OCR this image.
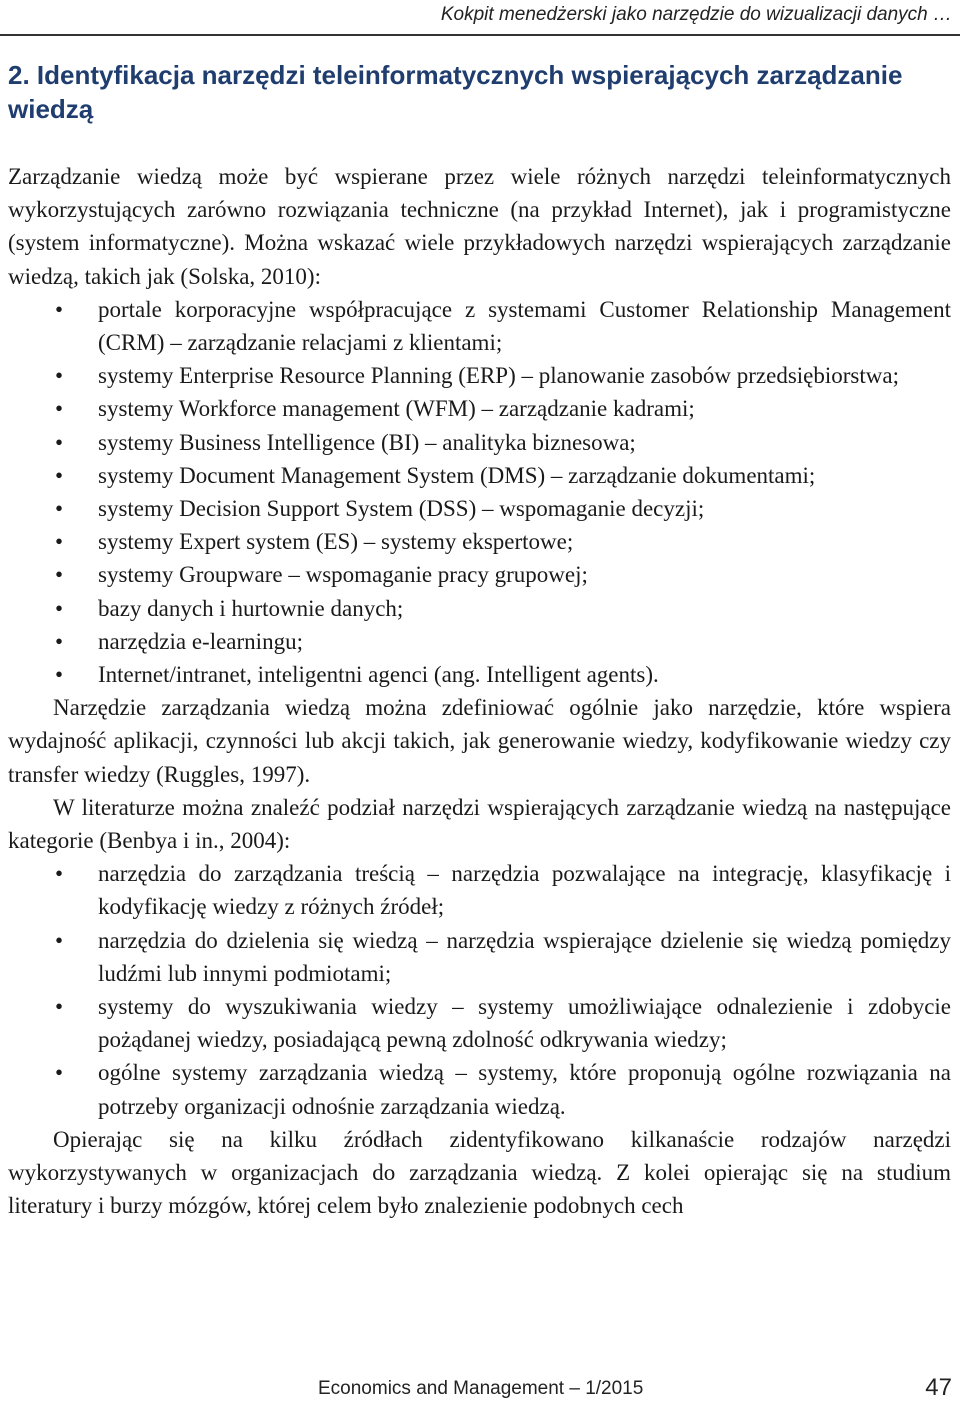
Kokpit menedżerski jako narzędzie do wizualizacji danych …
2. Identyfikacja narzędzi teleinformatycznych wspierających zarządzanie wiedzą

Zarządzanie wiedzą może być wspierane przez wiele różnych narzędzi teleinformatycznych wykorzystujących zarówno rozwiązania techniczne (na przykład Internet), jak i programistyczne (system informatyczne). Można wskazać wiele przykładowych narzędzi wspierających zarządzanie wiedzą, takich jak (Solska, 2010):

• portale korporacyjne współpracujące z systemami Customer Relationship Management (CRM) – zarządzanie relacjami z klientami;
• systemy Enterprise Resource Planning (ERP) – planowanie zasobów przedsiębiorstwa;
• systemy Workforce management (WFM) – zarządzanie kadrami;
• systemy Business Intelligence (BI) – analityka biznesowa;
• systemy Document Management System (DMS) – zarządzanie dokumentami;
• systemy Decision Support System (DSS) – wspomaganie decyzji;
• systemy Expert system (ES) – systemy ekspertowe;
• systemy Groupware – wspomaganie pracy grupowej;
• bazy danych i hurtownie danych;
• narzędzia e-learningu;
• Internet/intranet, inteligentni agenci (ang. Intelligent agents).

Narzędzie zarządzania wiedzą można zdefiniować ogólnie jako narzędzie, które wspiera wydajność aplikacji, czynności lub akcji takich, jak generowanie wiedzy, kodyfikowanie wiedzy czy transfer wiedzy (Ruggles, 1997).

W literaturze można znaleźć podział narzędzi wspierających zarządzanie wiedzą na następujące kategorie (Benbya i in., 2004):

• narzędzia do zarządzania treścią – narzędzia pozwalające na integrację, klasyfikację i kodyfikację wiedzy z różnych źródeł;
• narzędzia do dzielenia się wiedzą – narzędzia wspierające dzielenie się wiedzą pomiędzy ludźmi lub innymi podmiotami;
• systemy do wyszukiwania wiedzy – systemy umożliwiające odnalezienie i zdobycie pożądanej wiedzy, posiadającą pewną zdolność odkrywania wiedzy;
• ogólne systemy zarządzania wiedzą – systemy, które proponują ogólne rozwiązania na potrzeby organizacji odnośnie zarządzania wiedzą.

Opierając się na kilku źródłach zidentyfikowano kilkanaście rodzajów narzędzi wykorzystywanych w organizacjach do zarządzania wiedzą. Z kolei opierając się na studium literatury i burzy mózgów, której celem było znalezienie podobnych cech

Economics and Management – 1/2015	47
